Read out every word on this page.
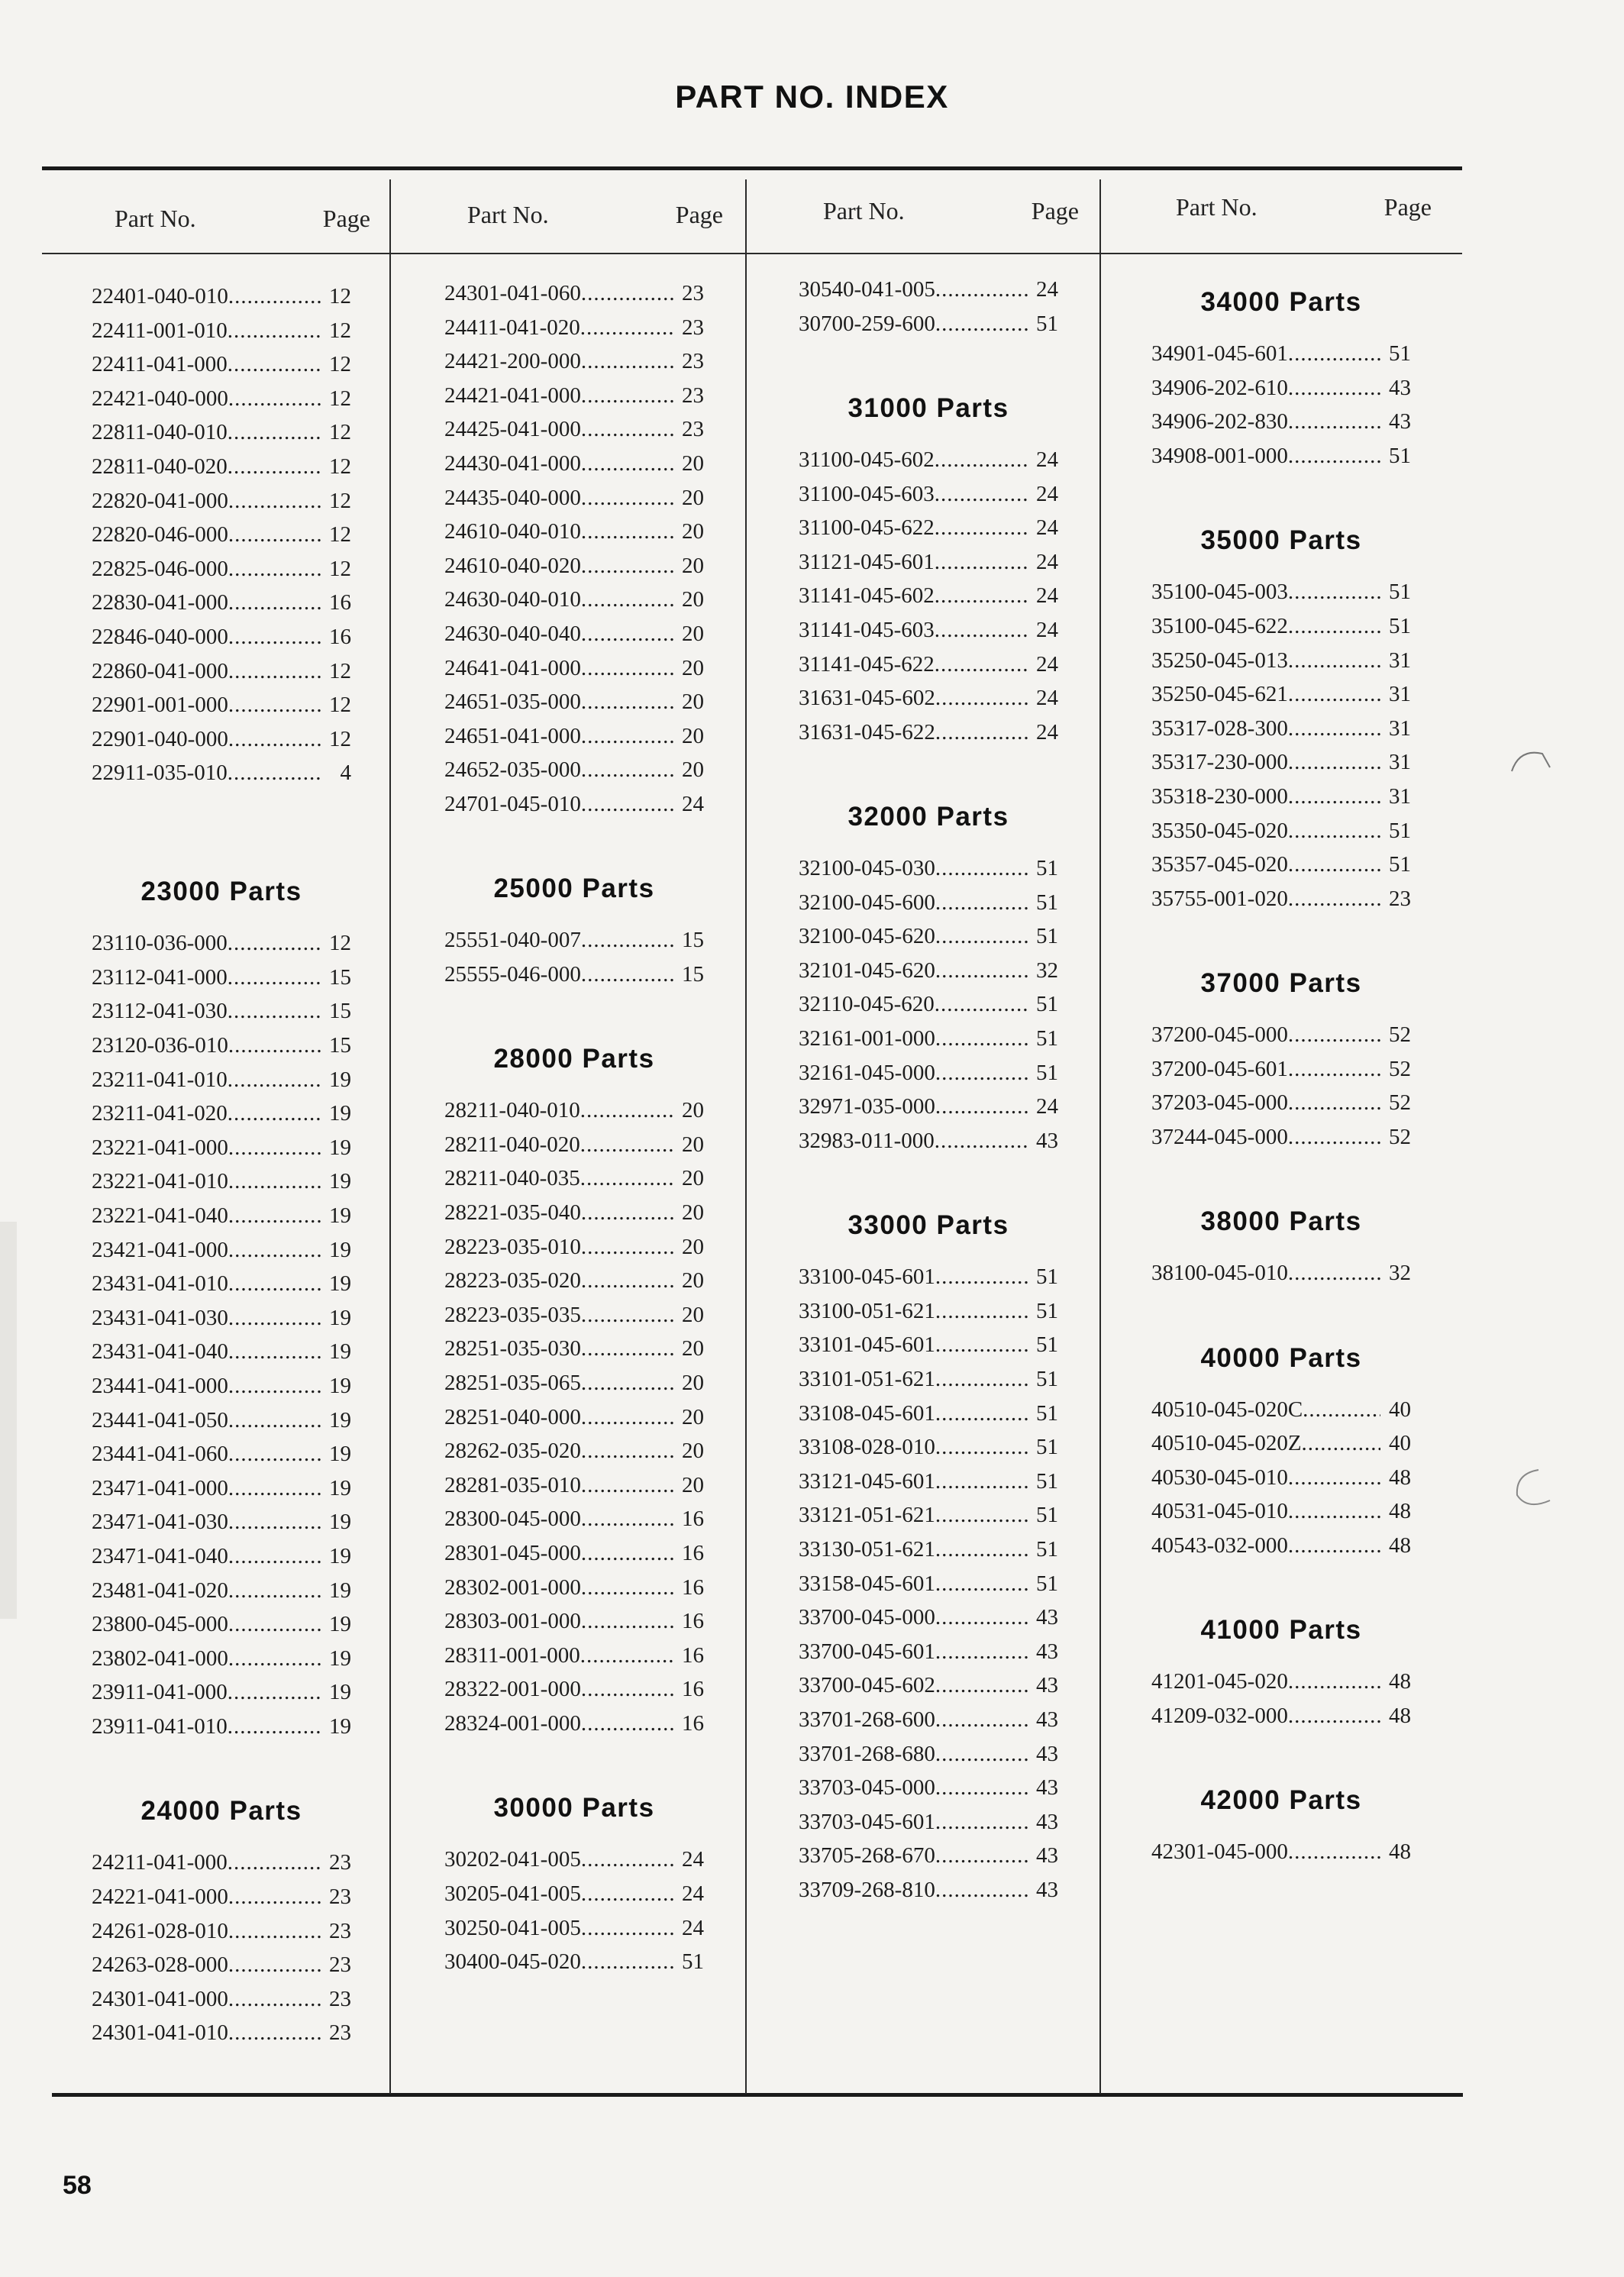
PART NO. INDEX
Part No.	Page	Part No.	Page	Part No.	Page	Part No.	Page
22401-040-010 .....	12
22411-001-010 .....	12
22411-041-000 .....	12
22421-040-000 .....	12
22811-040-010 .....	12
22811-040-020 .....	12
22820-041-000 .....	12
22820-046-000 .....	12
22825-046-000 .....	12
22830-041-000 .....	16
22846-040-000 .....	16
22860-041-000 .....	12
22901-001-000 .....	12
22901-040-000 .....	12
22911-035-010 .....	4
23000 Parts
23110-036-000 .....	12
23112-041-000 .....	15
23112-041-030 .....	15
23120-036-010 .....	15
23211-041-010 .....	19
23211-041-020 .....	19
23221-041-000 .....	19
23221-041-010 .....	19
23221-041-040 .....	19
23421-041-000 .....	19
23431-041-010 .....	19
23431-041-030 .....	19
23431-041-040 .....	19
23441-041-000 .....	19
23441-041-050 .....	19
23441-041-060 .....	19
23471-041-000 .....	19
23471-041-030 .....	19
23471-041-040 .....	19
23481-041-020 .....	19
23800-045-000 .....	19
23802-041-000 .....	19
23911-041-000 .....	19
23911-041-010 .....	19
24000 Parts
24211-041-000 .....	23
24221-041-000 .....	23
24261-028-010 .....	23
24263-028-000 .....	23
24301-041-000 .....	23
24301-041-010 .....	23
24301-041-060 .....	23
24411-041-020 .....	23
24421-200-000 .....	23
24421-041-000 .....	23
24425-041-000 .....	23
24430-041-000 .....	20
24435-040-000 .....	20
24610-040-010 .....	20
24610-040-020 .....	20
24630-040-010 .....	20
24630-040-040 .....	20
24641-041-000 .....	20
24651-035-000 .....	20
24651-041-000 .....	20
24652-035-000 .....	20
24701-045-010 .....	24
25000 Parts
25551-040-007 .....	15
25555-046-000 .....	15
28000 Parts
28211-040-010 .....	20
28211-040-020 .....	20
28211-040-035 .....	20
28221-035-040 .....	20
28223-035-010 .....	20
28223-035-020 .....	20
28223-035-035 .....	20
28251-035-030 .....	20
28251-035-065 .....	20
28251-040-000 .....	20
28262-035-020 .....	20
28281-035-010 .....	20
28300-045-000 .....	16
28301-045-000 .....	16
28302-001-000 .....	16
28303-001-000 .....	16
28311-001-000 .....	16
28322-001-000 .....	16
28324-001-000 .....	16
30000 Parts
30202-041-005 .....	24
30205-041-005 .....	24
30250-041-005 .....	24
30400-045-020 .....	51
30540-041-005 .....	24
30700-259-600 .....	51
31000 Parts
31100-045-602 .....	24
31100-045-603 .....	24
31100-045-622 .....	24
31121-045-601 .....	24
31141-045-602 .....	24
31141-045-603 .....	24
31141-045-622 .....	24
31631-045-602 .....	24
31631-045-622 .....	24
32000 Parts
32100-045-030 .....	51
32100-045-600 .....	51
32100-045-620 .....	51
32101-045-620 .....	32
32110-045-620 .....	51
32161-001-000 .....	51
32161-045-000 .....	51
32971-035-000 .....	24
32983-011-000 .....	43
33000 Parts
33100-045-601 .....	51
33100-051-621 .....	51
33101-045-601 .....	51
33101-051-621 .....	51
33108-045-601 .....	51
33108-028-010 .....	51
33121-045-601 .....	51
33121-051-621 .....	51
33130-051-621 .....	51
33158-045-601 .....	51
33700-045-000 .....	43
33700-045-601 .....	43
33700-045-602 .....	43
33701-268-600 .....	43
33701-268-680 .....	43
33703-045-000 .....	43
33703-045-601 .....	43
33705-268-670 .....	43
33709-268-810 .....	43
34000 Parts
34901-045-601 .....	51
34906-202-610 .....	43
34906-202-830 .....	43
34908-001-000 .....	51
35000 Parts
35100-045-003 .....	51
35100-045-622 .....	51
35250-045-013 .....	31
35250-045-621 .....	31
35317-028-300 .....	31
35317-230-000 .....	31
35318-230-000 .....	31
35350-045-020 .....	51
35357-045-020 .....	51
35755-001-020 .....	23
37000 Parts
37200-045-000 .....	52
37200-045-601 .....	52
37203-045-000 .....	52
37244-045-000 .....	52
38000 Parts
38100-045-010 .....	32
40000 Parts
40510-045-020C .....	40
40510-045-020Z .....	40
40530-045-010 .....	48
40531-045-010 .....	48
40543-032-000 .....	48
41000 Parts
41201-045-020 .....	48
41209-032-000 .....	48
42000 Parts
42301-045-000 .....	48
58
